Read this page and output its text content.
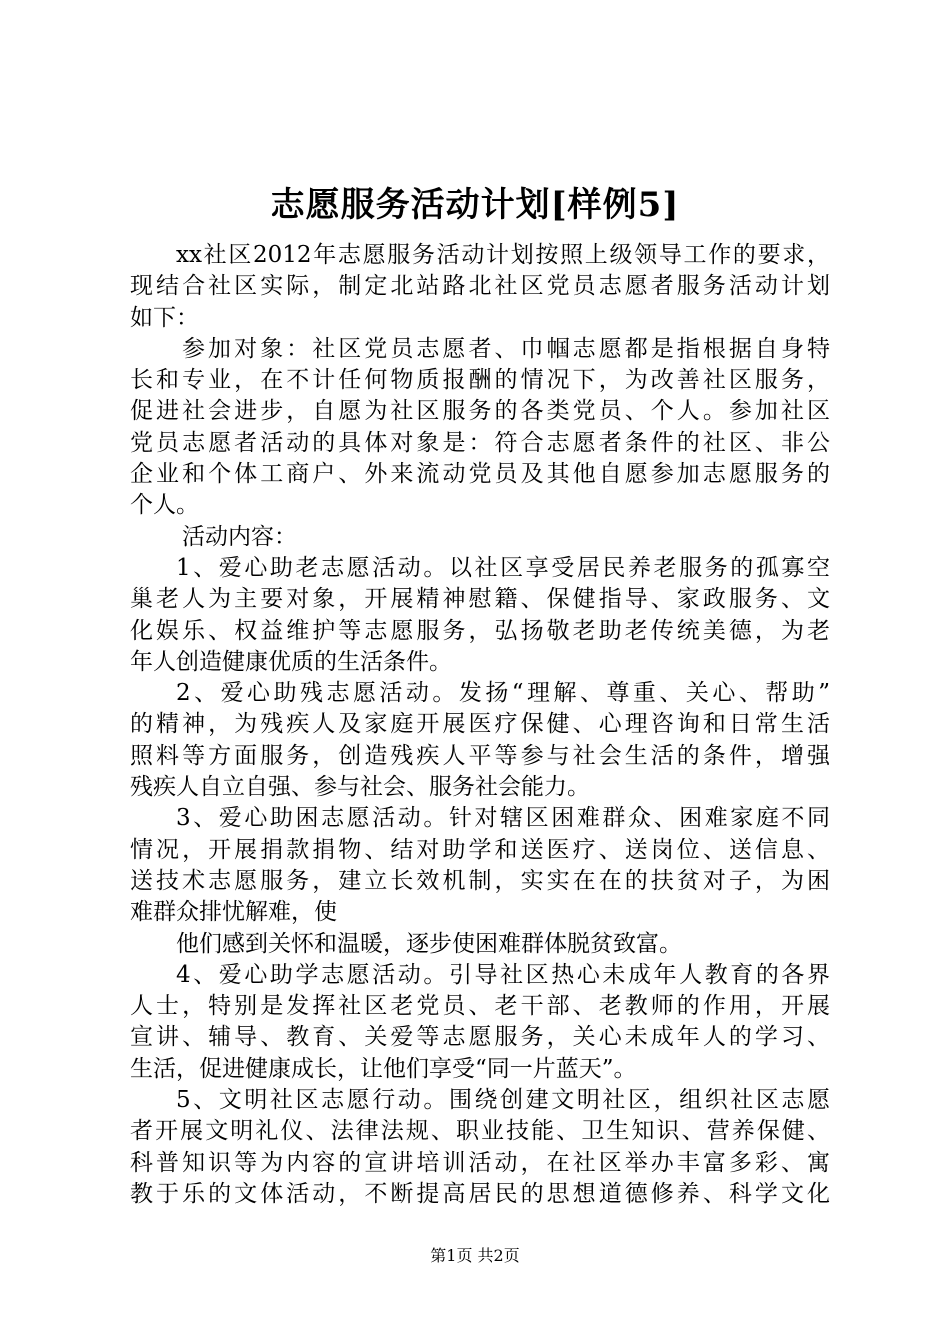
志愿服务活动计划[样例5]

xx社区2012年志愿服务活动计划按照上级领导工作的要求，
现结合社区实际，制定北站路北社区党员志愿者服务活动计划
如下：

参加对象：社区党员志愿者、巾帼志愿都是指根据自身特
长和专业，在不计任何物质报酬的情况下，为改善社区服务，
促进社会进步，自愿为社区服务的各类党员、个人。参加社区
党员志愿者活动的具体对象是：符合志愿者条件的社区、非公
企业和个体工商户、外来流动党员及其他自愿参加志愿服务的
个人。

活动内容：

1、爱心助老志愿活动。以社区享受居民养老服务的孤寡空
巢老人为主要对象，开展精神慰籍、保健指导、家政服务、文
化娱乐、权益维护等志愿服务，弘扬敬老助老传统美德，为老
年人创造健康优质的生活条件。

2、爱心助残志愿活动。发扬“理解、尊重、关心、帮助”
的精神，为残疾人及家庭开展医疗保健、心理咨询和日常生活
照料等方面服务，创造残疾人平等参与社会生活的条件，增强
残疾人自立自强、参与社会、服务社会能力。

3、爱心助困志愿活动。针对辖区困难群众、困难家庭不同
情况，开展捐款捐物、结对助学和送医疗、送岗位、送信息、
送技术志愿服务，建立长效机制，实实在在的扶贫对子，为困
难群众排忧解难，使

他们感到关怀和温暖，逐步使困难群体脱贫致富。

4、爱心助学志愿活动。引导社区热心未成年人教育的各界
人士，特别是发挥社区老党员、老干部、老教师的作用，开展
宣讲、辅导、教育、关爱等志愿服务，关心未成年人的学习、
生活，促进健康成长，让他们享受“同一片蓝天”。

5、文明社区志愿行动。围绕创建文明社区，组织社区志愿
者开展文明礼仪、法律法规、职业技能、卫生知识、营养保健、
科普知识等为内容的宣讲培训活动，在社区举办丰富多彩、寓
教于乐的文体活动，不断提高居民的思想道德修养、科学文化

第1页 共2页
